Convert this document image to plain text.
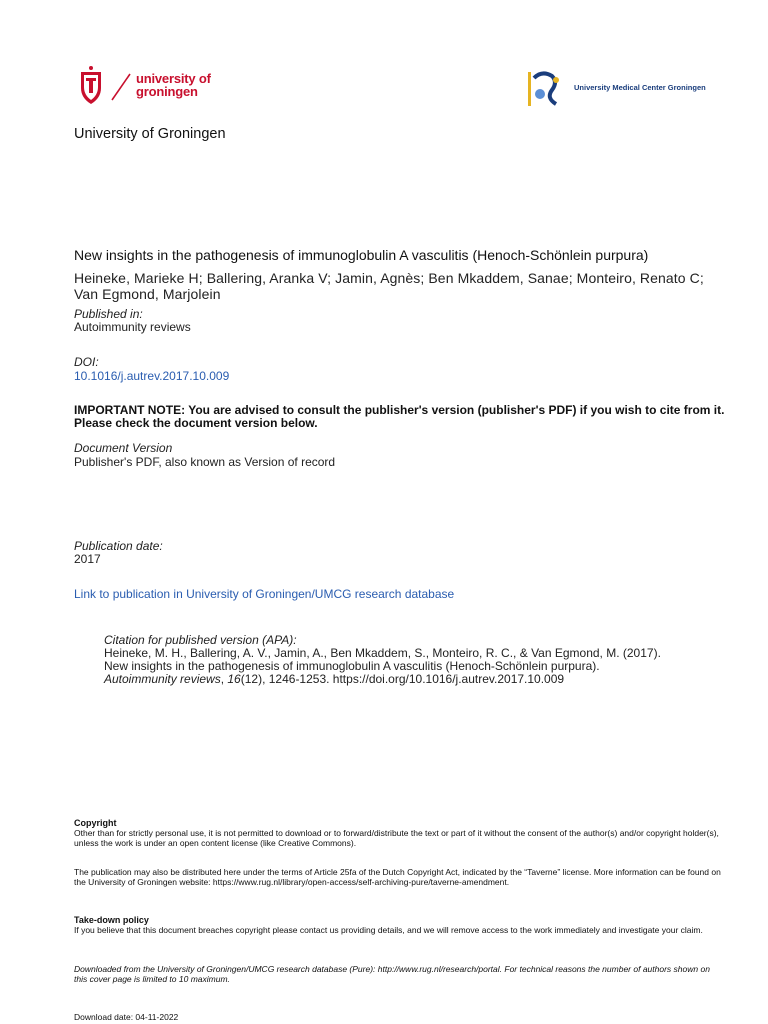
university of
groningen	University Medical Center Groningen
University of Groningen
New insights in the pathogenesis of immunoglobulin A vasculitis (Henoch-Schönlein purpura)
Heineke, Marieke H; Ballering, Aranka V; Jamin, Agnès; Ben Mkaddem, Sanae; Monteiro, Renato C; Van Egmond, Marjolein
Published in:
Autoimmunity reviews
DOI:
10.1016/j.autrev.2017.10.009
IMPORTANT NOTE: You are advised to consult the publisher's version (publisher's PDF) if you wish to cite from it. Please check the document version below.
Document Version
Publisher's PDF, also known as Version of record
Publication date:
2017
Link to publication in University of Groningen/UMCG research database
Citation for published version (APA):
Heineke, M. H., Ballering, A. V., Jamin, A., Ben Mkaddem, S., Monteiro, R. C., & Van Egmond, M. (2017).
New insights in the pathogenesis of immunoglobulin A vasculitis (Henoch-Schönlein purpura).
Autoimmunity reviews, 16(12), 1246-1253. https://doi.org/10.1016/j.autrev.2017.10.009
Copyright
Other than for strictly personal use, it is not permitted to download or to forward/distribute the text or part of it without the consent of the author(s) and/or copyright holder(s), unless the work is under an open content license (like Creative Commons).
The publication may also be distributed here under the terms of Article 25fa of the Dutch Copyright Act, indicated by the “Taverne” license. More information can be found on the University of Groningen website: https://www.rug.nl/library/open-access/self-archiving-pure/taverne-amendment.
Take-down policy
If you believe that this document breaches copyright please contact us providing details, and we will remove access to the work immediately and investigate your claim.
Downloaded from the University of Groningen/UMCG research database (Pure): http://www.rug.nl/research/portal. For technical reasons the number of authors shown on this cover page is limited to 10 maximum.
Download date: 04-11-2022
